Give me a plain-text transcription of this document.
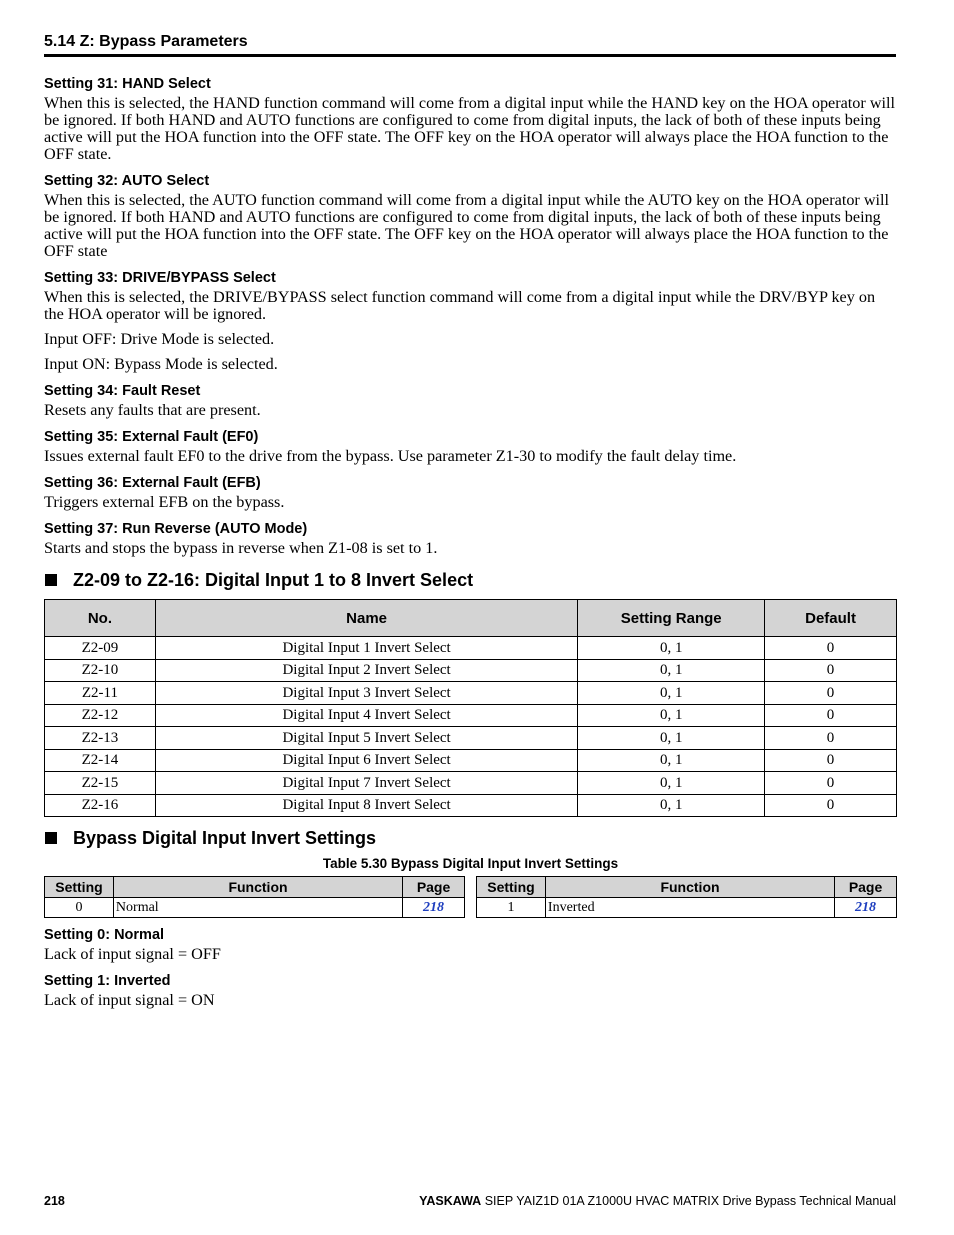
5.14 Z: Bypass Parameters
Setting 31: HAND Select

When this is selected, the HAND function command will come from a digital input while the HAND key on the HOA operator will be ignored. If both HAND and AUTO functions are configured to come from digital inputs, the lack of both of these inputs being active will put the HOA function into the OFF state. The OFF key on the HOA operator will always place the HOA function to the OFF state.

Setting 32: AUTO Select

When this is selected, the AUTO function command will come from a digital input while the AUTO key on the HOA operator will be ignored. If both HAND and AUTO functions are configured to come from digital inputs, the lack of both of these inputs being active will put the HOA function into the OFF state. The OFF key on the HOA operator will always place the HOA function to the OFF state

Setting 33: DRIVE/BYPASS Select

When this is selected, the DRIVE/BYPASS select function command will come from a digital input while the DRV/BYP key on the HOA operator will be ignored.

Input OFF: Drive Mode is selected.

Input ON: Bypass Mode is selected.

Setting 34: Fault Reset

Resets any faults that are present.

Setting 35: External Fault (EF0)

Issues external fault EF0 to the drive from the bypass. Use parameter Z1-30 to modify the fault delay time.

Setting 36: External Fault (EFB)

Triggers external EFB on the bypass.

Setting 37: Run Reverse (AUTO Mode)

Starts and stops the bypass in reverse when Z1-08 is set to 1.

Z2-09 to Z2-16: Digital Input 1 to 8 Invert Select
No.	Name	Setting Range	Default
Z2-09	Digital Input 1 Invert Select	0, 1	0
Z2-10	Digital Input 2 Invert Select	0, 1	0
Z2-11	Digital Input 3 Invert Select	0, 1	0
Z2-12	Digital Input 4 Invert Select	0, 1	0
Z2-13	Digital Input 5 Invert Select	0, 1	0
Z2-14	Digital Input 6 Invert Select	0, 1	0
Z2-15	Digital Input 7 Invert Select	0, 1	0
Z2-16	Digital Input 8 Invert Select	0, 1	0
Bypass Digital Input Invert Settings
Table 5.30 Bypass Digital Input Invert Settings
Setting	Function	Page
0	Normal	218
Setting	Function	Page
1	Inverted	218
Setting 0: Normal

Lack of input signal = OFF

Setting 1: Inverted

Lack of input signal = ON

218	YASKAWA SIEP YAIZ1D 01A Z1000U HVAC MATRIX Drive Bypass Technical Manual
